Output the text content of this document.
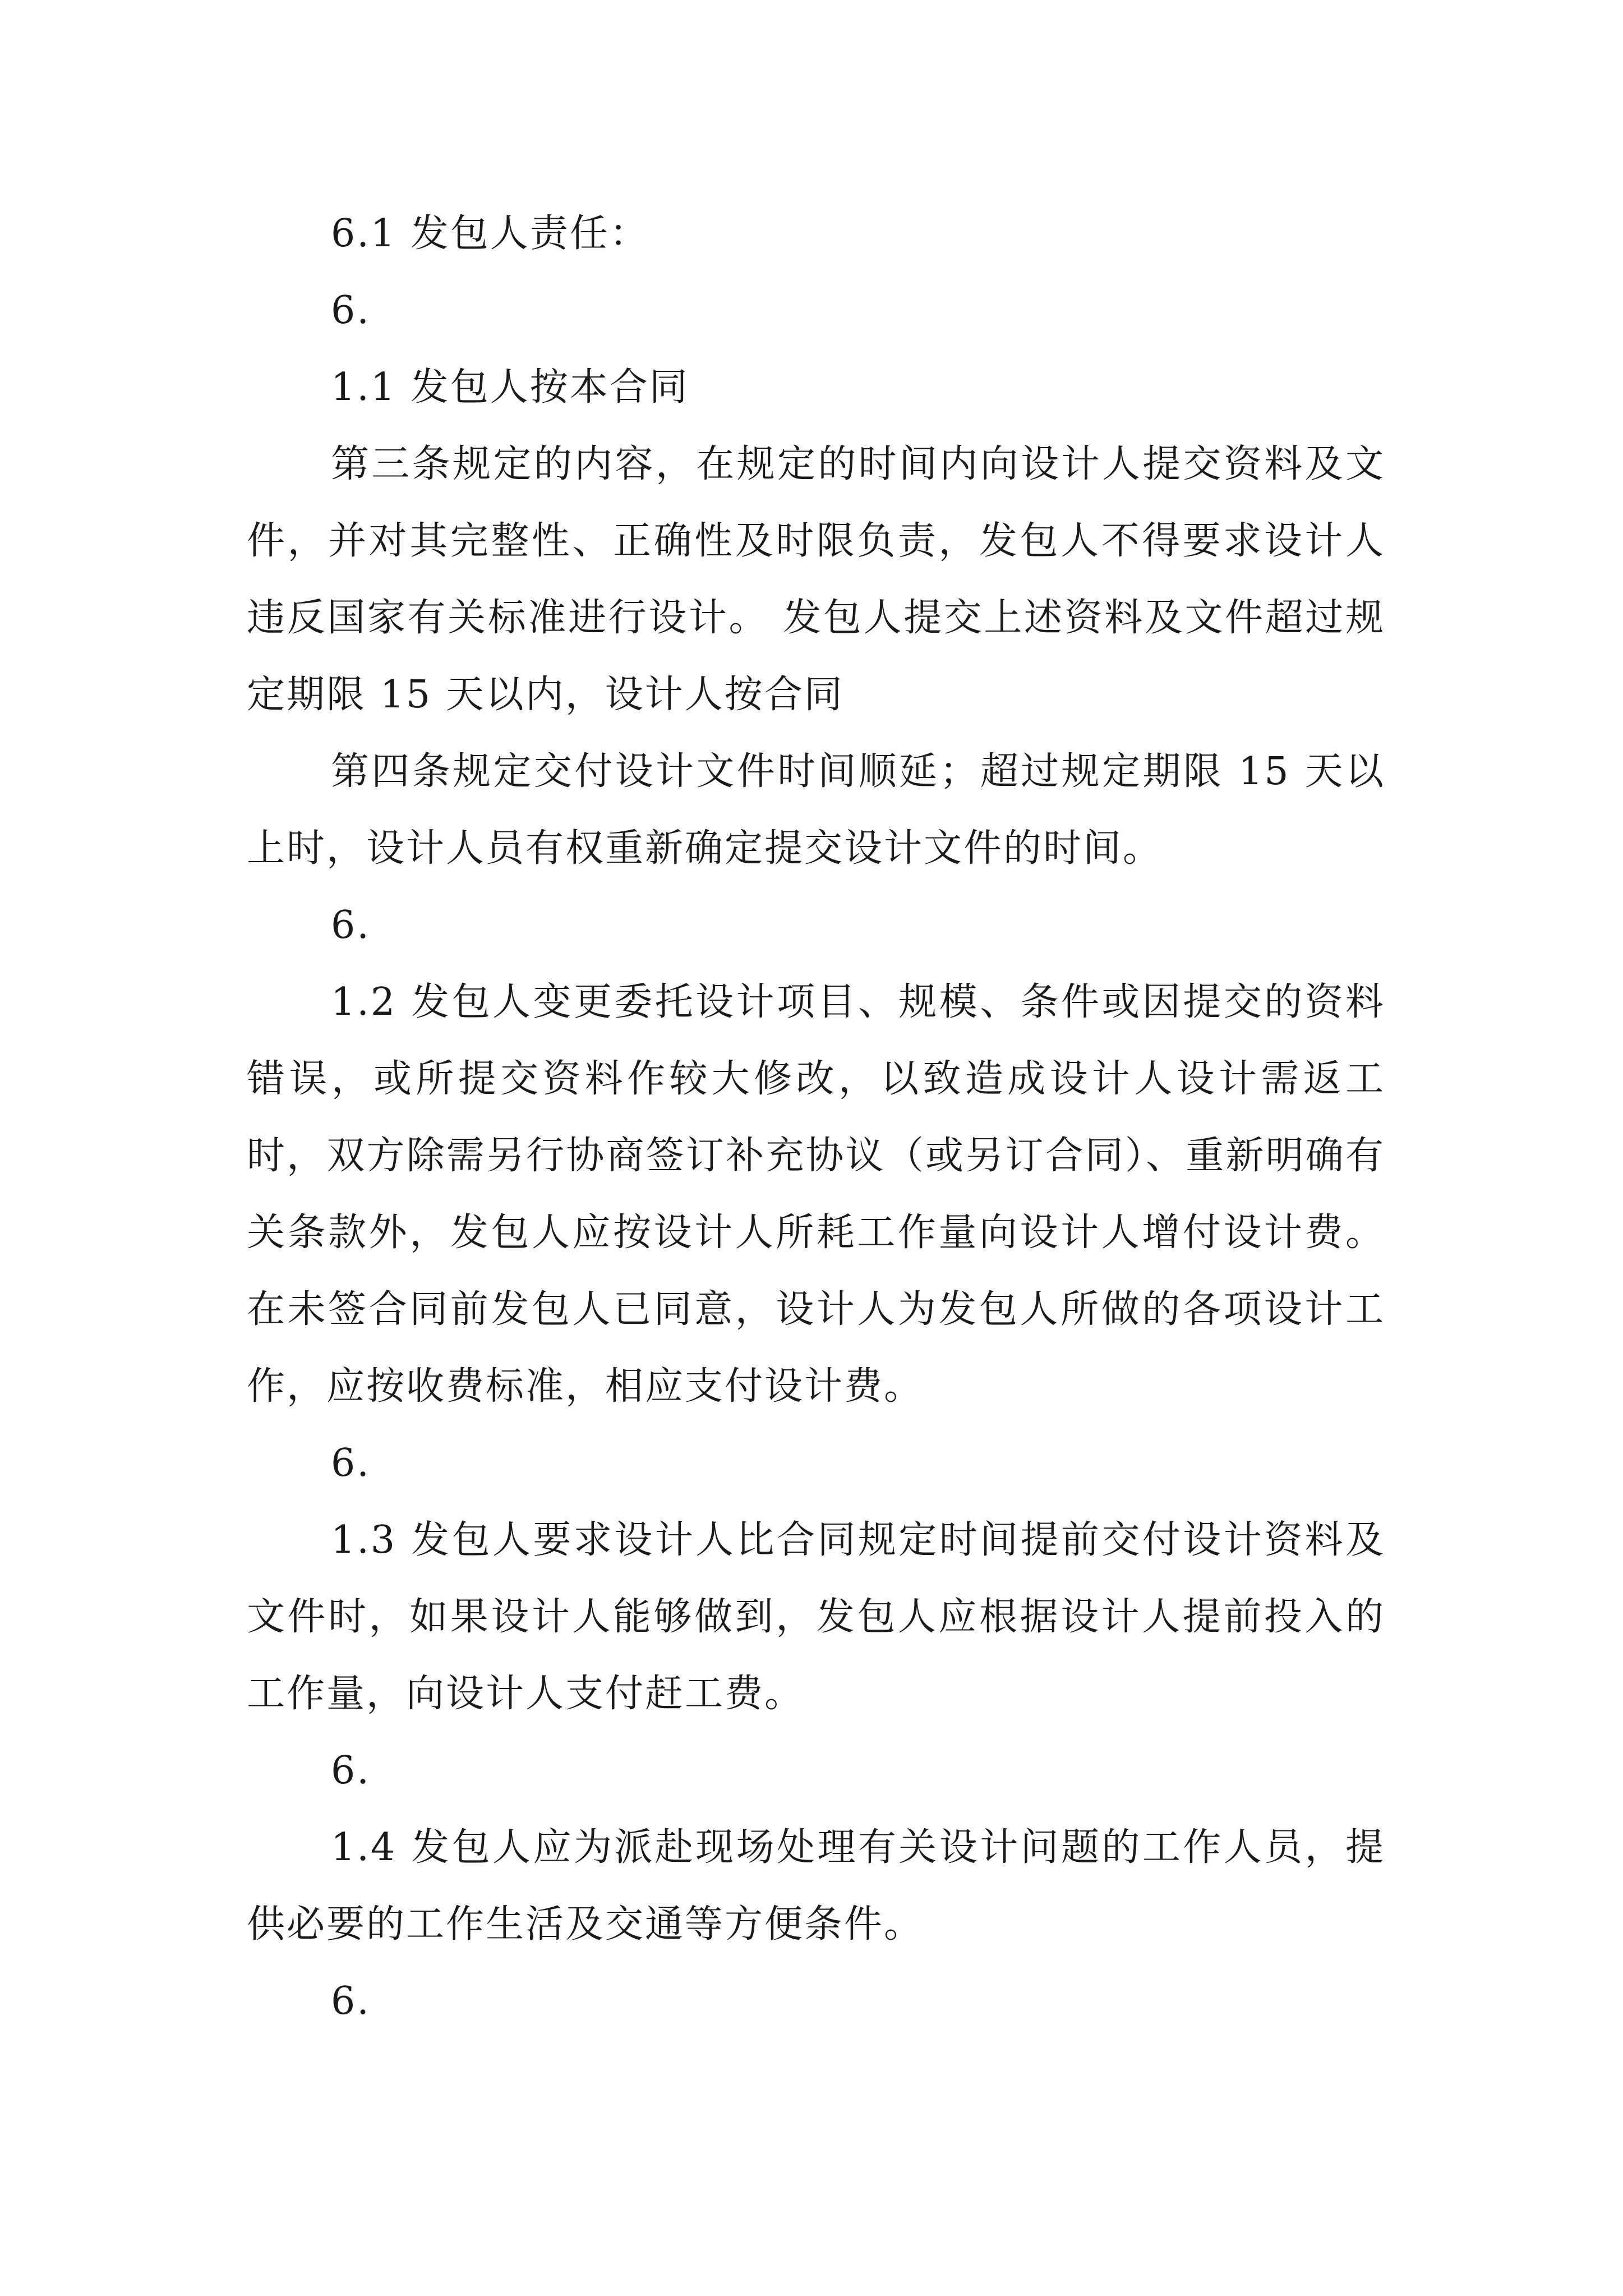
6.1 发包人责任：

6.

1.1 发包人按本合同

第三条规定的内容，在规定的时间内向设计人提交资料及文件，并对其完整性、正确性及时限负责，发包人不得要求设计人违反国家有关标准进行设计。 发包人提交上述资料及文件超过规定期限 15 天以内，设计人按合同

第四条规定交付设计文件时间顺延；超过规定期限 15 天以上时，设计人员有权重新确定提交设计文件的时间。

6.

1.2 发包人变更委托设计项目、规模、条件或因提交的资料错误，或所提交资料作较大修改，以致造成设计人设计需返工时，双方除需另行协商签订补充协议（或另订合同）、重新明确有关条款外，发包人应按设计人所耗工作量向设计人增付设计费。 在未签合同前发包人已同意，设计人为发包人所做的各项设计工作，应按收费标准，相应支付设计费。

6.

1.3 发包人要求设计人比合同规定时间提前交付设计资料及文件时，如果设计人能够做到，发包人应根据设计人提前投入的工作量，向设计人支付赶工费。

6.

1.4 发包人应为派赴现场处理有关设计问题的工作人员，提供必要的工作生活及交通等方便条件。

6.
